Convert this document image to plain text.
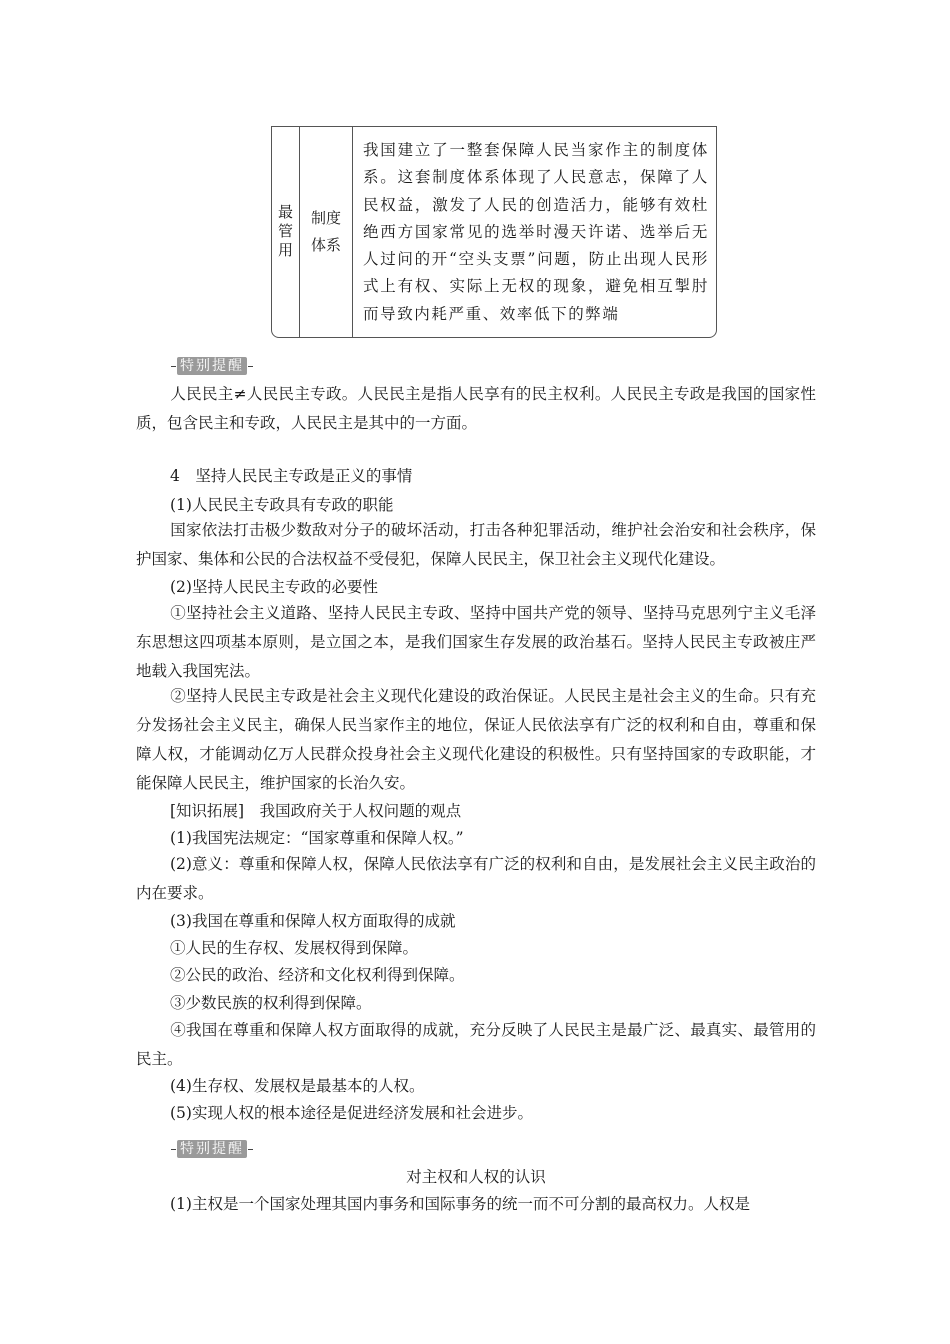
最管用
制度
体系
我国建立了一整套保障人民当家作主的制度体系。这套制度体系体现了人民意志，保障了人民权益，激发了人民的创造活力，能够有效杜绝西方国家常见的选举时漫天许诺、选举后无人过问的开“空头支票”问题，防止出现人民形式上有权、实际上无权的现象，避免相互掣肘而导致内耗严重、效率低下的弊端
特别提醒
人民民主≠人民民主专政。人民民主是指人民享有的民主权利。人民民主专政是我国的国家性质，包含民主和专政，人民民主是其中的一方面。
4　坚持人民民主专政是正义的事情
(1)人民民主专政具有专政的职能
国家依法打击极少数敌对分子的破坏活动，打击各种犯罪活动，维护社会治安和社会秩序，保护国家、集体和公民的合法权益不受侵犯，保障人民民主，保卫社会主义现代化建设。
(2)坚持人民民主专政的必要性
①坚持社会主义道路、坚持人民民主专政、坚持中国共产党的领导、坚持马克思列宁主义毛泽东思想这四项基本原则，是立国之本，是我们国家生存发展的政治基石。坚持人民民主专政被庄严地载入我国宪法。
②坚持人民民主专政是社会主义现代化建设的政治保证。人民民主是社会主义的生命。只有充分发扬社会主义民主，确保人民当家作主的地位，保证人民依法享有广泛的权利和自由，尊重和保障人权，才能调动亿万人民群众投身社会主义现代化建设的积极性。只有坚持国家的专政职能，才能保障人民民主，维护国家的长治久安。
[知识拓展]　我国政府关于人权问题的观点
(1)我国宪法规定：“国家尊重和保障人权。”
(2)意义：尊重和保障人权，保障人民依法享有广泛的权利和自由，是发展社会主义民主政治的内在要求。
(3)我国在尊重和保障人权方面取得的成就
①人民的生存权、发展权得到保障。
②公民的政治、经济和文化权利得到保障。
③少数民族的权利得到保障。
④我国在尊重和保障人权方面取得的成就，充分反映了人民民主是最广泛、最真实、最管用的民主。
(4)生存权、发展权是最基本的人权。
(5)实现人权的根本途径是促进经济发展和社会进步。
特别提醒
对主权和人权的认识
(1)主权是一个国家处理其国内事务和国际事务的统一而不可分割的最高权力。人权是
